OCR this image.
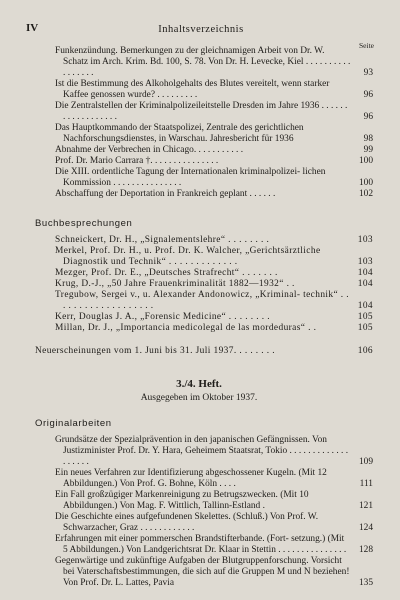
IV	Inhaltsverzeichnis
Seite
Funkenzündung. Bemerkungen zu der gleichnamigen Arbeit von Dr. W. Schatz im Arch. Krim. Bd. 100, S. 78. Von Dr. H. Levecke, Kiel . . . . . . . . . . . . . . . . .	93
Ist die Bestimmung des Alkoholgehalts des Blutes vereitelt, wenn starker Kaffee genossen wurde? . . . . . . . . .	96
Die Zentralstellen der Kriminalpolizeileitstelle Dresden im Jahre 1936 . . . . . . . . . . . . . . . . . .	96
Das Hauptkommando der Staatspolizei, Zentrale des gerichtlichen Nachforschungsdienstes, in Warschau. Jahresbericht für 1936	98
Abnahme der Verbrechen in Chicago. . . . . . . . . . .	99
Prof. Dr. Mario Carrara †. . . . . . . . . . . . . . .	100
Die XIII. ordentliche Tagung der Internationalen kriminalpolizei- lichen Kommission . . . . . . . . . . . . . . .	100
Abschaffung der Deportation in Frankreich geplant . . . . . .	102
Buchbesprechungen
Schneickert, Dr. H., „Signalementslehre“ . . . . . . . .	103
Merkel, Prof. Dr. H., u. Prof. Dr. K. Walcher, „Gerichtsärztliche Diagnostik und Technik“ . . . . . . . . . . . . .	103
Mezger, Prof. Dr. E., „Deutsches Strafrecht“ . . . . . . .	104
Krug, D.-J., „50 Jahre Frauenkriminalität 1882—1932“ . .	104
Tregubow, Sergei v., u. Alexander Andonowicz, „Kriminal- technik“ . . . . . . . . . . . . . . . . . . .	104
Kerr, Douglas J. A., „Forensic Medicine“ . . . . . . . .	105
Millan, Dr. J., „Importancia medicolegal de las mordeduras“ . .	105
Neuerscheinungen vom 1. Juni bis 31. Juli 1937. . . . . . . .	106
3./4. Heft.
Ausgegeben im Oktober 1937.
Originalarbeiten
Grundsätze der Spezialprävention in den japanischen Gefängnissen. Von Justizminister Prof. Dr. Y. Hara, Geheimem Staatsrat, Tokio . . . . . . . . . . . . . . . . . . .	109
Ein neues Verfahren zur Identifizierung abgeschossener Kugeln. (Mit 12 Abbildungen.) Von Prof. G. Bohne, Köln . . . .	111
Ein Fall großzügiger Markenreinigung zu Betrugszwecken. (Mit 10 Abbildungen.) Von Mag. F. Wittlich, Tallinn-Estland .	121
Die Geschichte eines aufgefundenen Skelettes. (Schluß.) Von Prof. W. Schwarzacher, Graz . . . . . . . . . . . .	124
Erfahrungen mit einer pommerschen Brandstifterbande. (Fort- setzung.) (Mit 5 Abbildungen.) Von Landgerichtsrat Dr. Klaar in Stettin . . . . . . . . . . . . . . .	128
Gegenwärtige und zukünftige Aufgaben der Blutgruppenforschung. Vorsicht bei Vaterschaftsbestimmungen, die sich auf die Gruppen M und N beziehen! Von Prof. Dr. L. Lattes, Pavia	135
